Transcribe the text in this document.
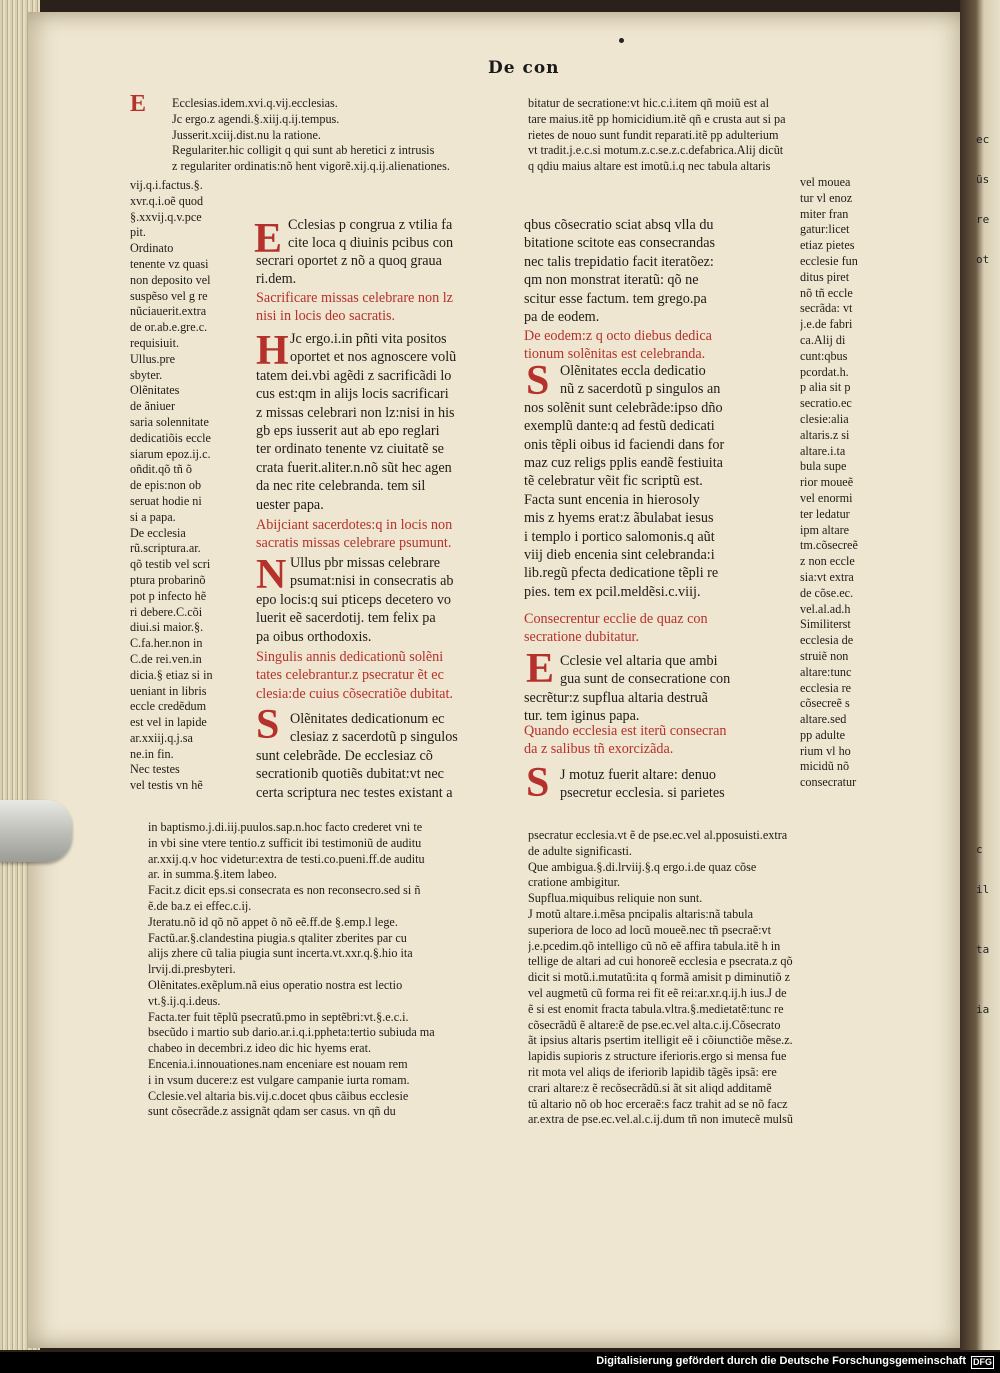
ec
ũs
re
ot
c
il
ta
ia
De con
E Ecclesias.idem.xvi.q.vij.ecclesias.
Jc ergo.z agendi.§.xiij.q.ij.tempus.
Jusserit.xciij.dist.nu la ratione.
Regulariter.hic colligit q qui sunt ab heretici z intrusis
z regulariter ordinatis:nõ hent vigorẽ.xij.q.ij.alienationes.
bitatur de secratione:vt hic.c.i.item qñ moiũ est al
tare maius.itẽ pp homicidium.itẽ qñ e crusta aut si pa
rietes de nouo sunt fundit reparati.itẽ pp adulterium
vt tradit.j.e.c.si motum.z.c.se.z.c.defabrica.Alij dicũt
q qdiu maius altare est imotũ.i.q nec tabula altaris
vij.q.i.factus.§.
xvr.q.i.oẽ quod
§.xxvij.q.v.pce
pit.
Ordinato
tenente vz quasi
non deposito vel
suspẽso vel g re
nũciauerit.extra
de or.ab.e.gre.c.
requisiuit.
Ullus.pre
sbyter.
Olẽnitates
de ãniuer
saria solennitate
dedicatiõis eccle
siarum epoz.ij.c.
oñdit.qõ tñ õ
de epis:non ob
seruat hodie ni
si a papa.
De ecclesia
rũ.scriptura.ar.
qõ testib vel scri
ptura probarinõ
pot p infecto hẽ
ri debere.C.cõi
diui.si maior.§.
C.fa.her.non in
C.de rei.ven.in
dicia.§ etiaz si in
ueniant in libris
eccle credẽdum
est vel in lapide
ar.xxiij.q.j.sa
ne.in fin.
Nec testes
vel testis vn hẽ
E Cclesias p congrua z vtilia fa
cite loca q diuinis pcibus con
secrari oportet z nõ a quoq graua
ri.dem.
Sacrificare missas celebrare non lz
nisi in locis deo sacratis.
H Jc ergo.i.in pñti vita positos
oportet et nos agnoscere volũ
tatem dei.vbi agẽdi z sacrificãdi lo
cus est:qm in alijs locis sacrificari
z missas celebrari non lz:nisi in his
gb eps iusserit aut ab epo reglari
ter ordinato tenente vz ciuitatẽ se
crata fuerit.aliter.n.nõ sũt hec agen
da nec rite celebranda. tem sil
uester papa.
Abijciant sacerdotes:q in locis non
sacratis missas celebrare psumunt.
N Ullus pbr missas celebrare
psumat:nisi in consecratis ab
epo locis:q sui pticeps decetero vo
luerit eẽ sacerdotij. tem felix pa
pa oibus orthodoxis.
Singulis annis dedicationũ solẽni
tates celebrantur.z psecratur ẽt ec
clesia:de cuius cõsecratiõe dubitat.
S Olẽnitates dedicationum ec
clesiaz z sacerdotũ p singulos
sunt celebrãde. De ecclesiaz cõ
secrationib quotiẽs dubitat:vt nec
certa scriptura nec testes existant a
qbus cõsecratio sciat absq vlla du
bitatione scitote eas consecrandas
nec talis trepidatio facit iteratõez:
qm non monstrat iteratũ: qõ ne
scitur esse factum. tem grego.pa
pa de eodem.
De eodem:z q octo diebus dedica
tionum solẽnitas est celebranda.
S Olẽnitates eccla dedicatio
nũ z sacerdotũ p singulos an
nos solẽnit sunt celebrãde:ipso dño
exemplũ dante:q ad festũ dedicati
onis tẽpli oibus id faciendi dans for
maz cuz religs pplis eandẽ festiuita
tẽ celebratur vẽit fic scriptũ est.
Facta sunt encenia in hierosoly
mis z hyems erat:z ãbulabat iesus
i templo i portico salomonis.q aũt
viij dieb encenia sint celebranda:i
lib.regũ pfecta dedicatione tẽpli re
pies. tem ex pcil.meldẽsi.c.viij.
Consecrentur ecclie de quaz con
secratione dubitatur.
E Cclesie vel altaria que ambi
gua sunt de consecratione con
secrẽtur:z supflua altaria destruã
tur. tem iginus papa.
Quando ecclesia est iterũ consecran
da z salibus tñ exorcizãda.
S J motuz fuerit altare: denuo
psecretur ecclesia. si parietes
vel mouea
tur vl enoz
miter fran
gatur:licet
etiaz pietes
ecclesie fun
ditus piret
nõ tñ eccle
secrãda: vt
j.e.de fabri
ca.Alij di
cunt:qbus
pcordat.h.
p alia sit p
secratio.ec
clesie:alia
altaris.z si
altare.i.ta
bula supe
rior moueẽ
vel enormi
ter ledatur
ipm altare
tm.cõsecreẽ
z non eccle
sia:vt extra
de cõse.ec.
vel.al.ad.h
Similiterst
ecclesia de
struiẽ non
altare:tunc
ecclesia re
cõsecreẽ s
altare.sed
pp adulte
rium vl ho
micidũ nõ
consecratur
in baptismo.j.di.iij.puulos.sap.n.hoc facto crederet vni te
in vbi sine vtere tentio.z sufficit ibi testimoniũ de auditu
ar.xxij.q.v hoc videtur:extra de testi.co.pueni.ff.de auditu
ar. in summa.§.item labeo.
Facit.z dicit eps.si consecrata es non reconsecro.sed si ñ
ẽ.de ba.z ei effec.c.ij.
Jteratu.nõ id qõ nõ appet õ nõ eẽ.ff.de §.emp.l lege.
Factũ.ar.§.clandestina piugia.s qtaliter zberites par cu
alijs zhere cũ talia piugia sunt incerta.vt.xxr.q.§.hio ita
lrvij.di.presbyteri.
Olẽnitates.exẽplum.nã eius operatio nostra est lectio
vt.§.ij.q.i.deus.
Facta.ter fuit tẽplũ psecratũ.pmo in septẽbri:vt.§.e.c.i.
bsecũdo i martio sub dario.ar.i.q.i.ppheta:tertio subiuda ma
chabeo in decembri.z ideo dic hic hyems erat.
Encenia.i.innouationes.nam enceniare est nouam rem
i in vsum ducere:z est vulgare campanie iurta romam.
Cclesie.vel altaria bis.vij.c.docet qbus cãibus ecclesie
sunt cõsecrãde.z assignãt qdam ser casus. vn qñ du
psecratur ecclesia.vt ẽ de pse.ec.vel al.pposuisti.extra
de adulte significasti.
Que ambigua.§.di.lrviij.§.q ergo.i.de quaz cõse
cratione ambigitur.
Supflua.miquibus reliquie non sunt.
J motũ altare.i.mẽsa pncipalis altaris:nã tabula
superiora de loco ad locũ moueẽ.nec tñ psecraẽ:vt
j.e.pcedim.qõ intelligo cũ nõ eẽ affira tabula.itẽ h in
tellige de altari ad cui honoreẽ ecclesia e psecrata.z qõ
dicit si motũ.i.mutatũ:ita q formã amisit p diminutiõ z
vel augmetũ cũ forma rei fit eẽ rei:ar.xr.q.ij.h ius.J de
ẽ si est enomit fracta tabula.vltra.§.medietatẽ:tunc re
cõsecrãdũ ẽ altare:ẽ de pse.ec.vel alta.c.ij.Cõsecrato
ãt ipsius altaris psertim itelligit eẽ i cõiunctiõe mẽse.z.
lapidis supioris z structure iferioris.ergo si mensa fue
rit mota vel aliqs de iferiorib lapidib tãgẽs ipsã: ere
crari altare:z ẽ recõsecrãdũ.si ãt sit aliqd additamẽ
tũ altario nõ ob hoc erceraẽ:s facz trahit ad se nõ facz
ar.extra de pse.ec.vel.al.c.ij.dum tñ non imutecẽ mulsũ
Digitalisierung gefördert durch die Deutsche Forschungsgemeinschaft DFG
